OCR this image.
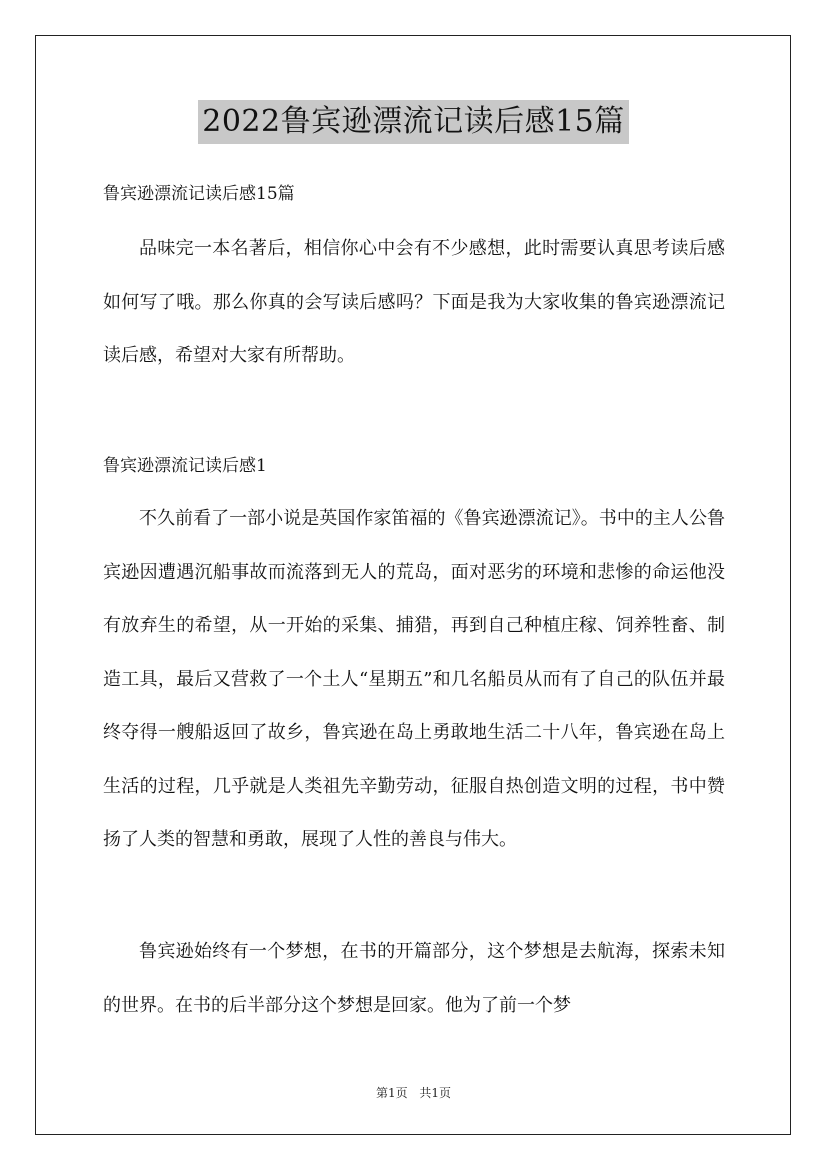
2022鲁宾逊漂流记读后感15篇
鲁宾逊漂流记读后感15篇
品味完一本名著后，相信你心中会有不少感想，此时需要认真思考读后感如何写了哦。那么你真的会写读后感吗？下面是我为大家收集的鲁宾逊漂流记读后感，希望对大家有所帮助。
鲁宾逊漂流记读后感1
不久前看了一部小说是英国作家笛福的《鲁宾逊漂流记》。书中的主人公鲁宾逊因遭遇沉船事故而流落到无人的荒岛，面对恶劣的环境和悲惨的命运他没有放弃生的希望，从一开始的采集、捕猎，再到自己种植庄稼、饲养牲畜、制造工具，最后又营救了一个土人“星期五”和几名船员从而有了自己的队伍并最终夺得一艘船返回了故乡，鲁宾逊在岛上勇敢地生活二十八年，鲁宾逊在岛上生活的过程，几乎就是人类祖先辛勤劳动，征服自热创造文明的过程，书中赞扬了人类的智慧和勇敢，展现了人性的善良与伟大。
鲁宾逊始终有一个梦想，在书的开篇部分，这个梦想是去航海，探索未知的世界。在书的后半部分这个梦想是回家。他为了前一个梦
第1页 共1页
